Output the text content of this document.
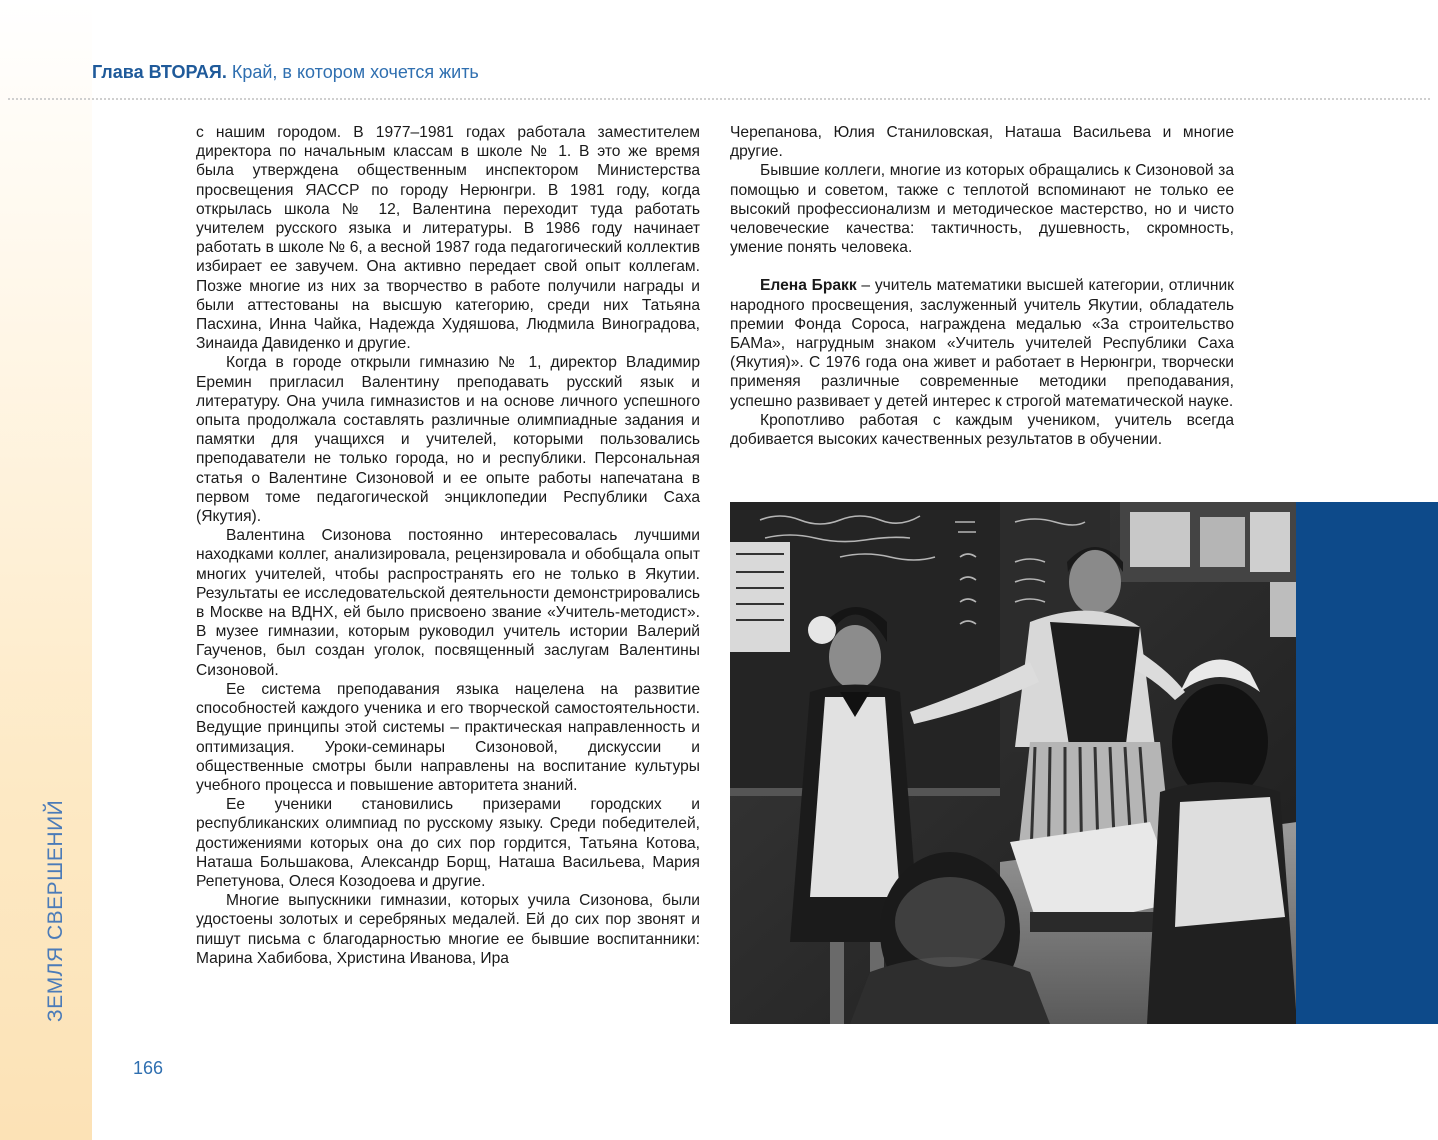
ЗЕМЛЯ СВЕРШЕНИЙ
Глава ВТОРАЯ. Край, в котором хочется жить

с нашим городом. В 1977–1981 годах работала заместителем директора по начальным классам в школе № 1. В это же время была утверждена общественным инспектором Министерства просвещения ЯАССР по городу Нерюнгри. В 1981 году, когда открылась школа № 12, Валентина переходит туда работать учителем русского языка и литературы. В 1986 году начинает работать в школе № 6, а весной 1987 года педагогический коллектив избирает ее завучем. Она активно передает свой опыт коллегам. Позже многие из них за творчество в работе получили награды и были аттестованы на высшую категорию, среди них Татьяна Пасхина, Инна Чайка, Надежда Худяшова, Людмила Виноградова, Зинаида Давиденко и другие.

Когда в городе открыли гимназию № 1, директор Владимир Еремин пригласил Валентину преподавать русский язык и литературу. Она учила гимназистов и на основе личного успешного опыта продолжала составлять различные олимпиадные задания и памятки для учащихся и учителей, которыми пользовались преподаватели не только города, но и республики. Персональная статья о Валентине Сизоновой и ее опыте работы напечатана в первом томе педагогической энциклопедии Республики Саха (Якутия).

Валентина Сизонова постоянно интересовалась лучшими находками коллег, анализировала, рецензировала и обобщала опыт многих учителей, чтобы распространять его не только в Якутии. Результаты ее исследовательской деятельности демонстрировались в Москве на ВДНХ, ей было присвоено звание «Учитель-методист». В музее гимназии, которым руководил учитель истории Валерий Гаученов, был создан уголок, посвященный заслугам Валентины Сизоновой.

Ее система преподавания языка нацелена на развитие способностей каждого ученика и его творческой самостоятельности. Ведущие принципы этой системы – практическая направленность и оптимизация. Уроки-семинары Сизоновой, дискуссии и общественные смотры были направлены на воспитание культуры учебного процесса и повышение авторитета знаний.

Ее ученики становились призерами городских и республиканских олимпиад по русскому языку. Среди победителей, достижениями которых она до сих пор гордится, Татьяна Котова, Наташа Большакова, Александр Борщ, Наташа Васильева, Мария Репетунова, Олеся Козодоева и другие.

Многие выпускники гимназии, которых учила Сизонова, были удостоены золотых и серебряных медалей. Ей до сих пор звонят и пишут письма с благодарностью многие ее бывшие воспитанники: Марина Хабибова, Христина Иванова, Ира

Черепанова, Юлия Станиловская, Наташа Васильева и многие другие.

Бывшие коллеги, многие из которых обращались к Сизоновой за помощью и советом, также с теплотой вспоминают не только ее высокий профессионализм и методическое мастерство, но и чисто человеческие качества: тактичность, душевность, скромность, умение понять человека.

Елена Бракк – учитель математики высшей категории, отличник народного просвещения, заслуженный учитель Якутии, обладатель премии Фонда Сороса, награждена медалью «За строительство БАМа», нагрудным знаком «Учитель учителей Республики Саха (Якутия)». С 1976 года она живет и работает в Нерюнгри, творчески применяя различные современные методики преподавания, успешно развивает у детей интерес к строгой математической науке.

Кропотливо работая с каждым учеником, учитель всегда добивается высоких качественных результатов в обучении.

166
